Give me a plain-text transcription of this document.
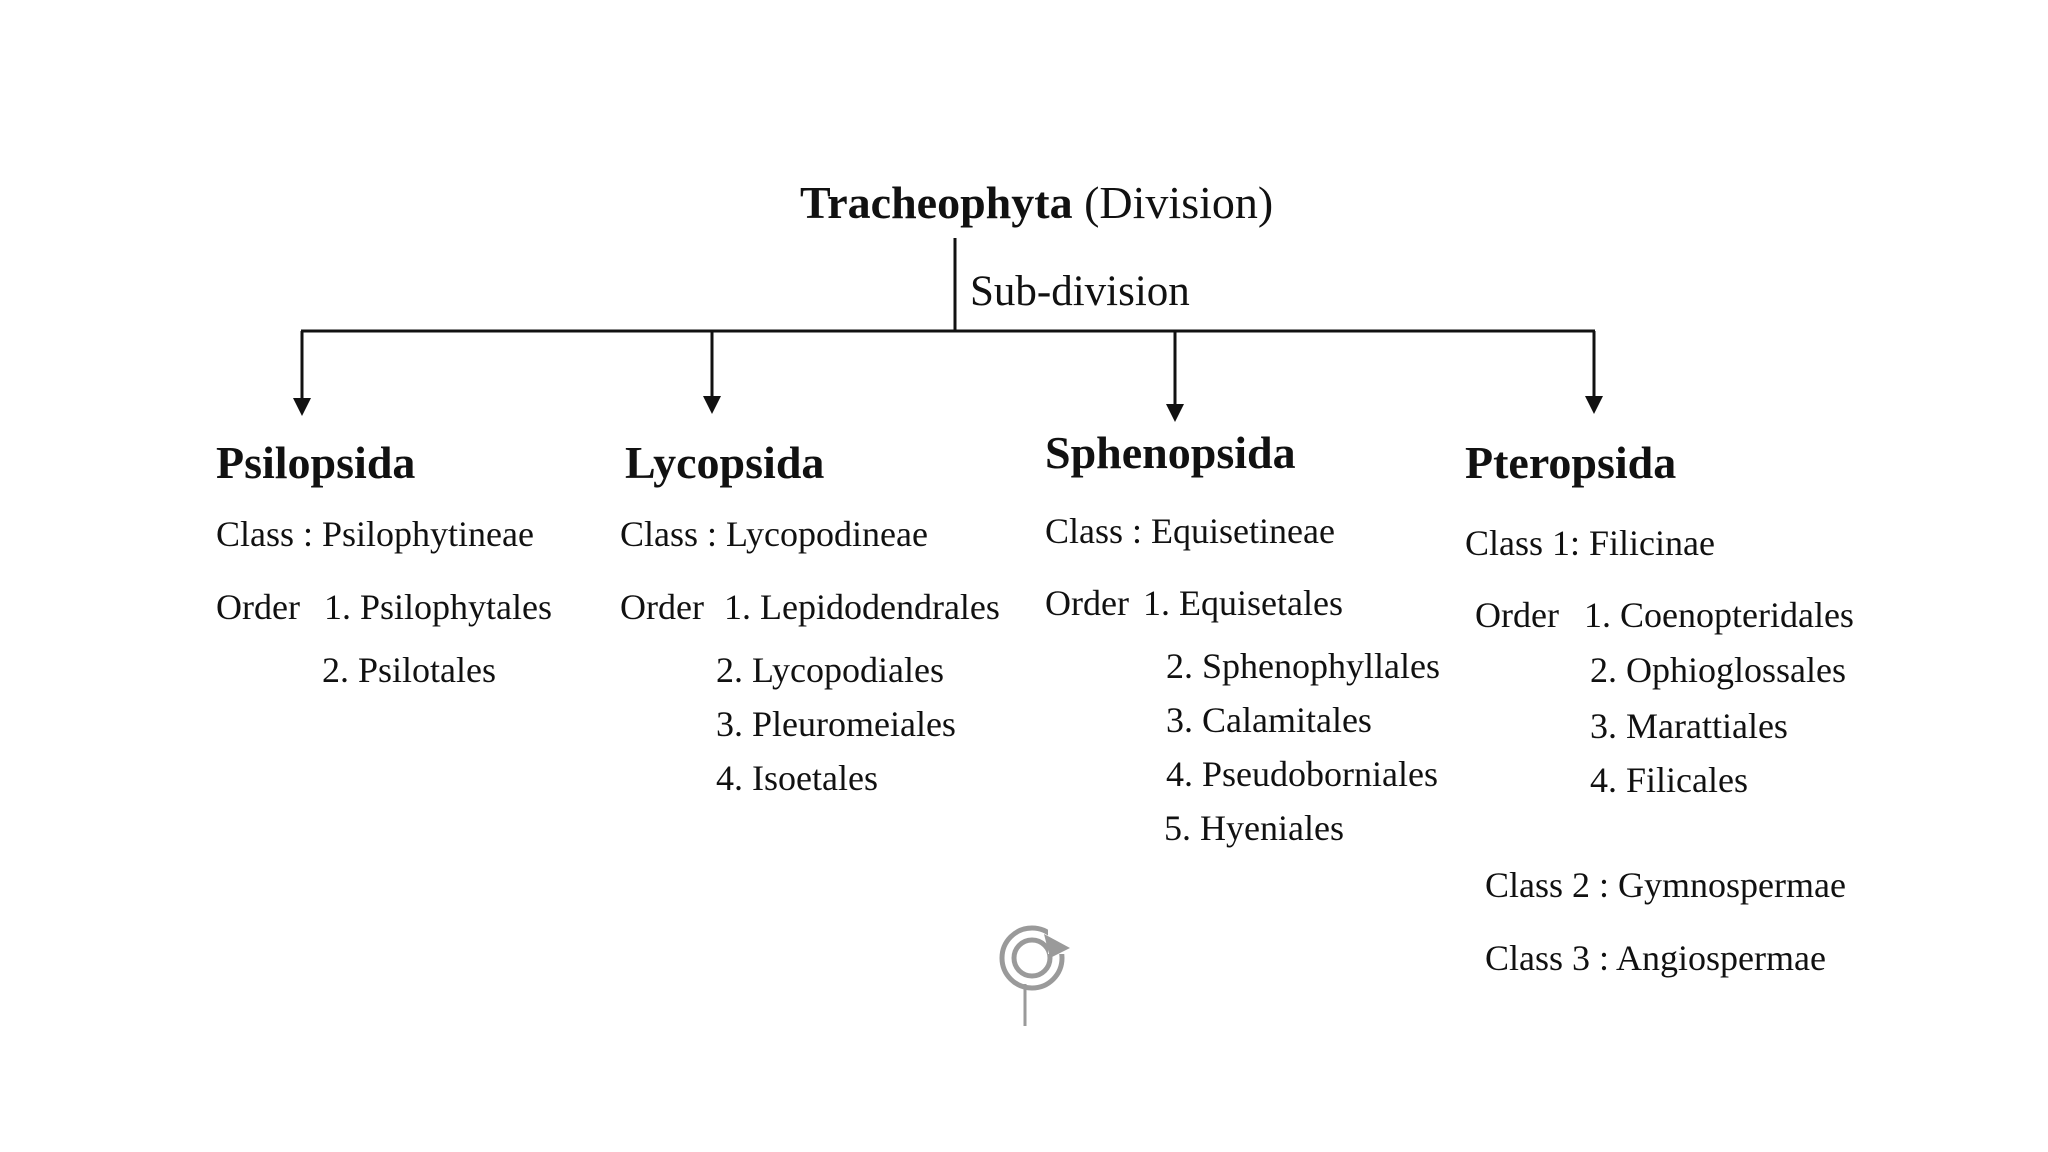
Tracheophyta (Division)
Sub-division
Psilopsida
Class : Psilophytineae
Order 1. Psilophytales
2. Psilotales
Lycopsida
Class : Lycopodineae
Order 1. Lepidodendrales
2. Lycopodiales
3. Pleuromeiales
4. Isoetales
Sphenopsida
Class : Equisetineae
Order 1. Equisetales
2. Sphenophyllales
3. Calamitales
4. Pseudoborniales
5. Hyeniales
Pteropsida
Class 1: Filicinae
Order 1. Coenopteridales
2. Ophioglossales
3. Marattiales
4. Filicales
Class 2 : Gymnospermae
Class 3 : Angiospermae
